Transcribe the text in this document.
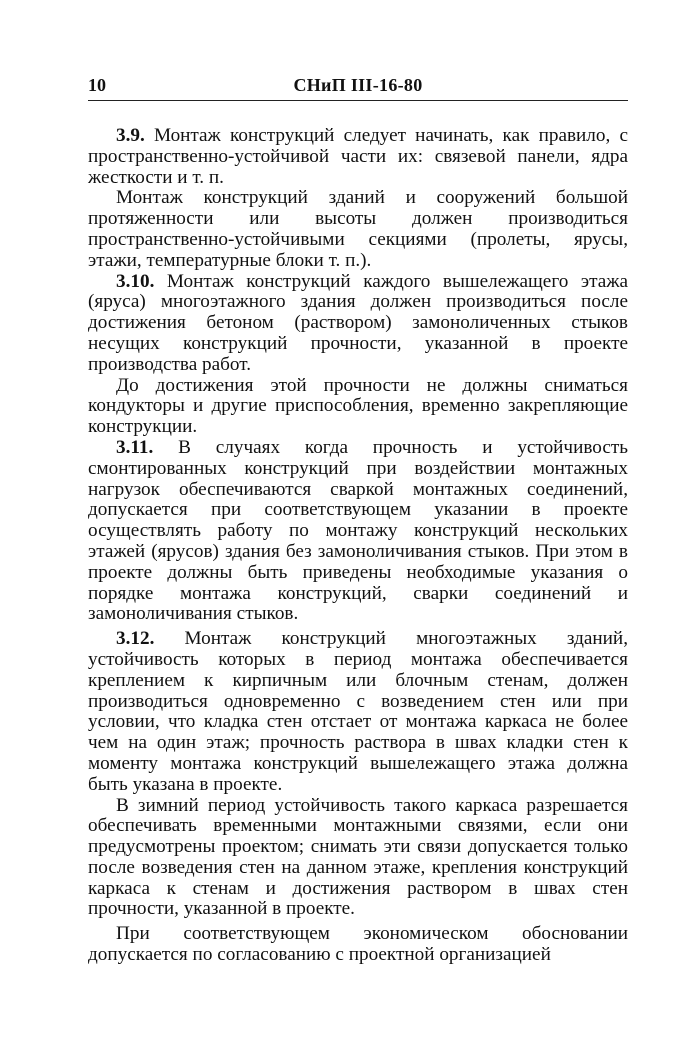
10	СНиП III-16-80

3.9. Монтаж конструкций следует начинать, как правило, с пространственно-устойчивой части их: связевой панели, ядра жесткости и т. п.

Монтаж конструкций зданий и сооружений большой протяженности или высоты должен производиться пространственно-устойчивыми секциями (пролеты, ярусы, этажи, температурные блоки т. п.).

3.10. Монтаж конструкций каждого вышележащего этажа (яруса) многоэтажного здания должен производиться после достижения бетоном (раствором) замоноличенных стыков несущих конструкций прочности, указанной в проекте производства работ.

До достижения этой прочности не должны сниматься кондукторы и другие приспособления, временно закрепляющие конструкции.

3.11. В случаях когда прочность и устойчивость смонтированных конструкций при воздействии монтажных нагрузок обеспечиваются сваркой монтажных соединений, допускается при соответствующем указании в проекте осуществлять работу по монтажу конструкций нескольких этажей (ярусов) здания без замоноличивания стыков. При этом в проекте должны быть приведены необходимые указания о порядке монтажа конструкций, сварки соединений и замоноличивания стыков.

3.12. Монтаж конструкций многоэтажных зданий, устойчивость которых в период монтажа обеспечивается креплением к кирпичным или блочным стенам, должен производиться одновременно с возведением стен или при условии, что кладка стен отстает от монтажа каркаса не более чем на один этаж; прочность раствора в швах кладки стен к моменту монтажа конструкций вышележащего этажа должна быть указана в проекте.

В зимний период устойчивость такого каркаса разрешается обеспечивать временными монтажными связями, если они предусмотрены проектом; снимать эти связи допускается только после возведения стен на данном этаже, крепления конструкций каркаса к стенам и достижения раствором в швах стен прочности, указанной в проекте.

При соответствующем экономическом обосновании допускается по согласованию с проектной организацией
